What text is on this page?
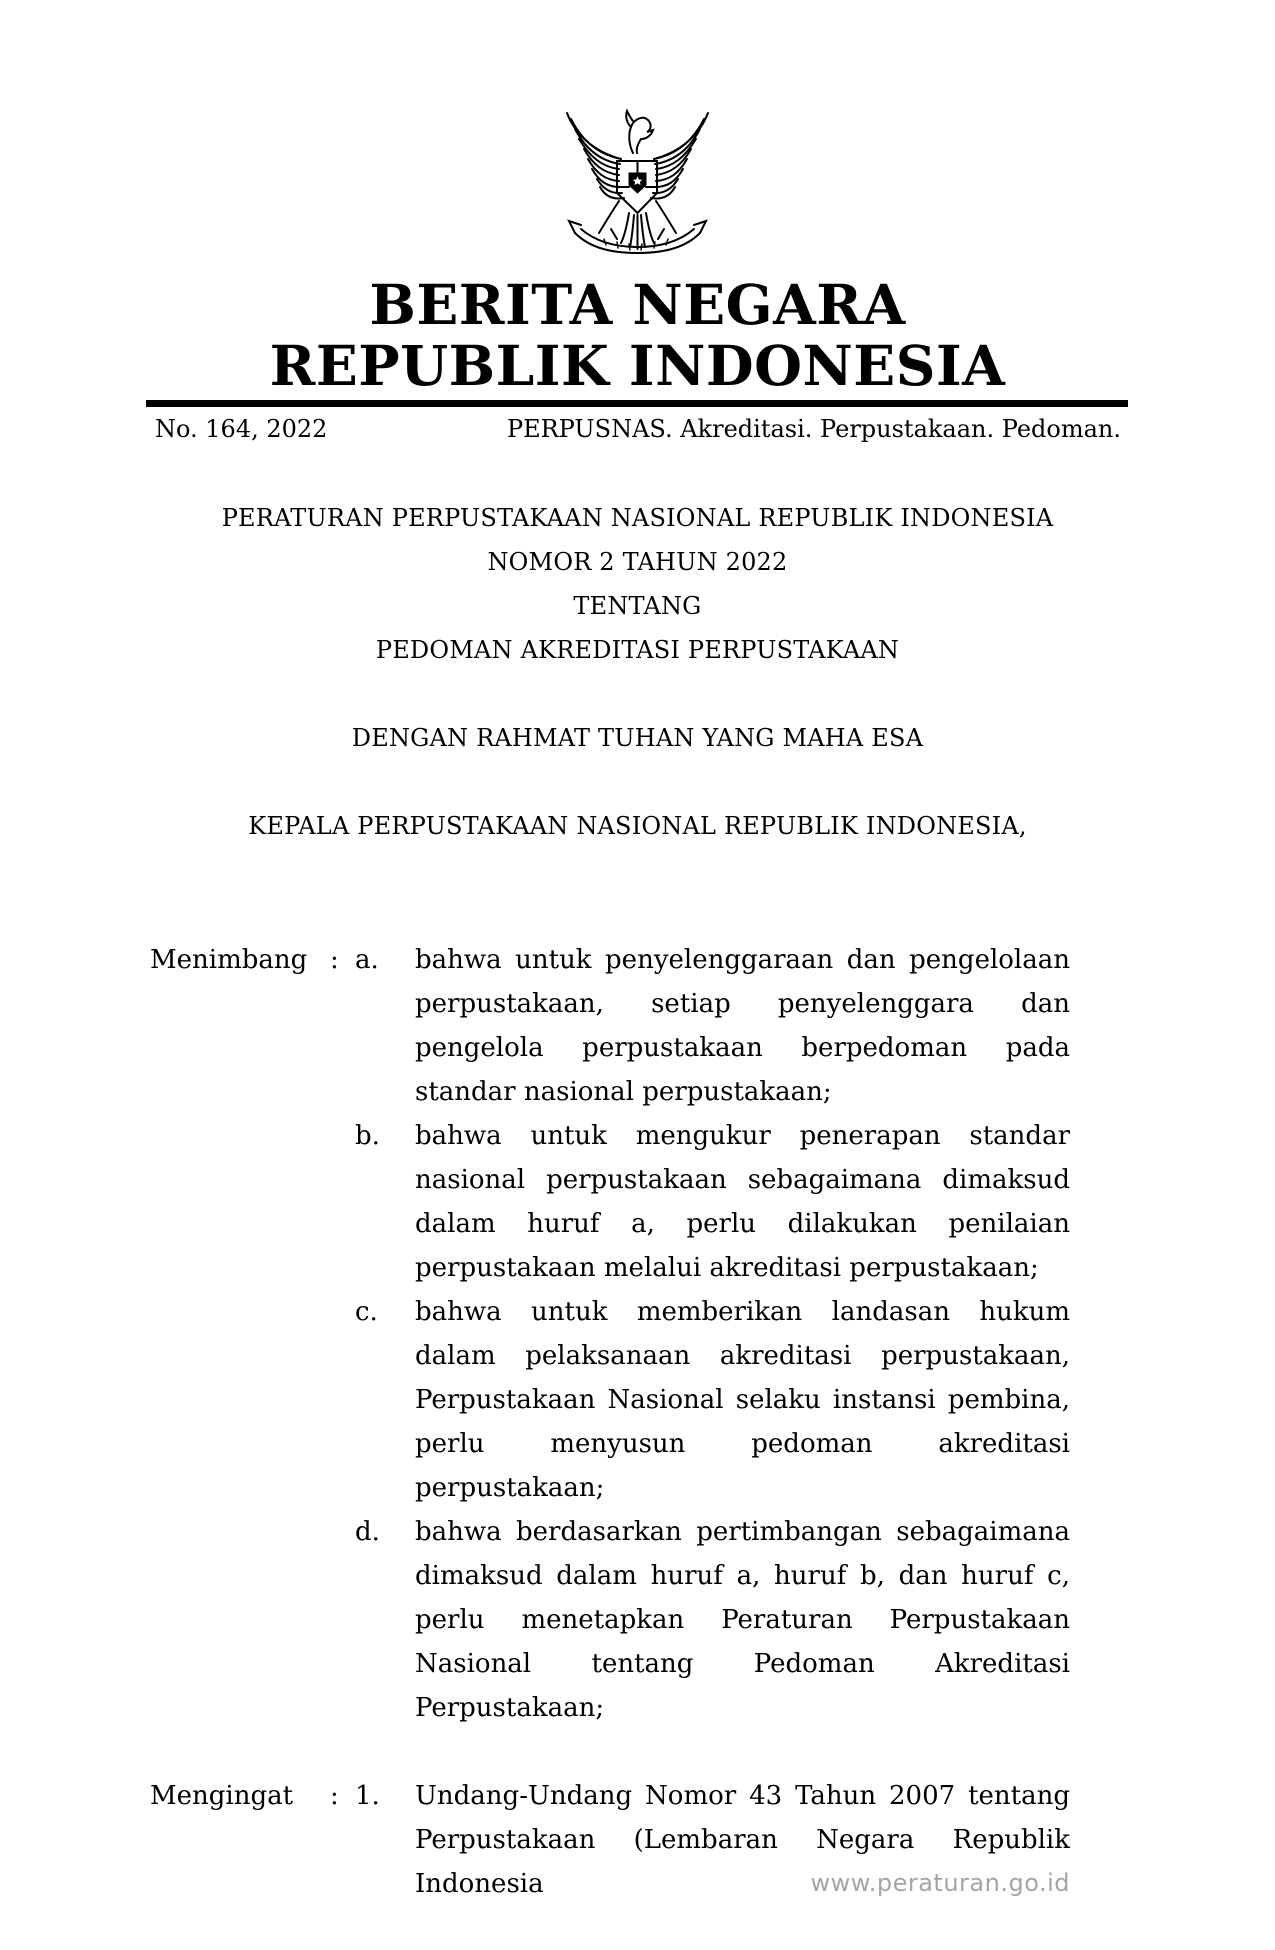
BERITA NEGARA
REPUBLIK INDONESIA
No. 164, 2022	PERPUSNAS. Akreditasi. Perpustakaan. Pedoman.
PERATURAN PERPUSTAKAAN NASIONAL REPUBLIK INDONESIA
NOMOR 2 TAHUN 2022
TENTANG
PEDOMAN AKREDITASI PERPUSTAKAAN
DENGAN RAHMAT TUHAN YANG MAHA ESA
KEPALA PERPUSTAKAAN NASIONAL REPUBLIK INDONESIA,
Menimbang : a.	bahwa untuk penyelenggaraan dan pengelolaan perpustakaan, setiap penyelenggara dan pengelola perpustakaan berpedoman pada standar nasional perpustakaan;
b.	bahwa untuk mengukur penerapan standar nasional perpustakaan sebagaimana dimaksud dalam huruf a, perlu dilakukan penilaian perpustakaan melalui akreditasi perpustakaan;
c.	bahwa untuk memberikan landasan hukum dalam pelaksanaan akreditasi perpustakaan, Perpustakaan Nasional selaku instansi pembina, perlu menyusun pedoman akreditasi perpustakaan;
d.	bahwa berdasarkan pertimbangan sebagaimana dimaksud dalam huruf a, huruf b, dan huruf c, perlu menetapkan Peraturan Perpustakaan Nasional tentang Pedoman Akreditasi Perpustakaan;
Mengingat	: 1.	Undang-Undang Nomor 43 Tahun 2007 tentang Perpustakaan (Lembaran Negara Republik Indonesia	www.peraturan.go.id
